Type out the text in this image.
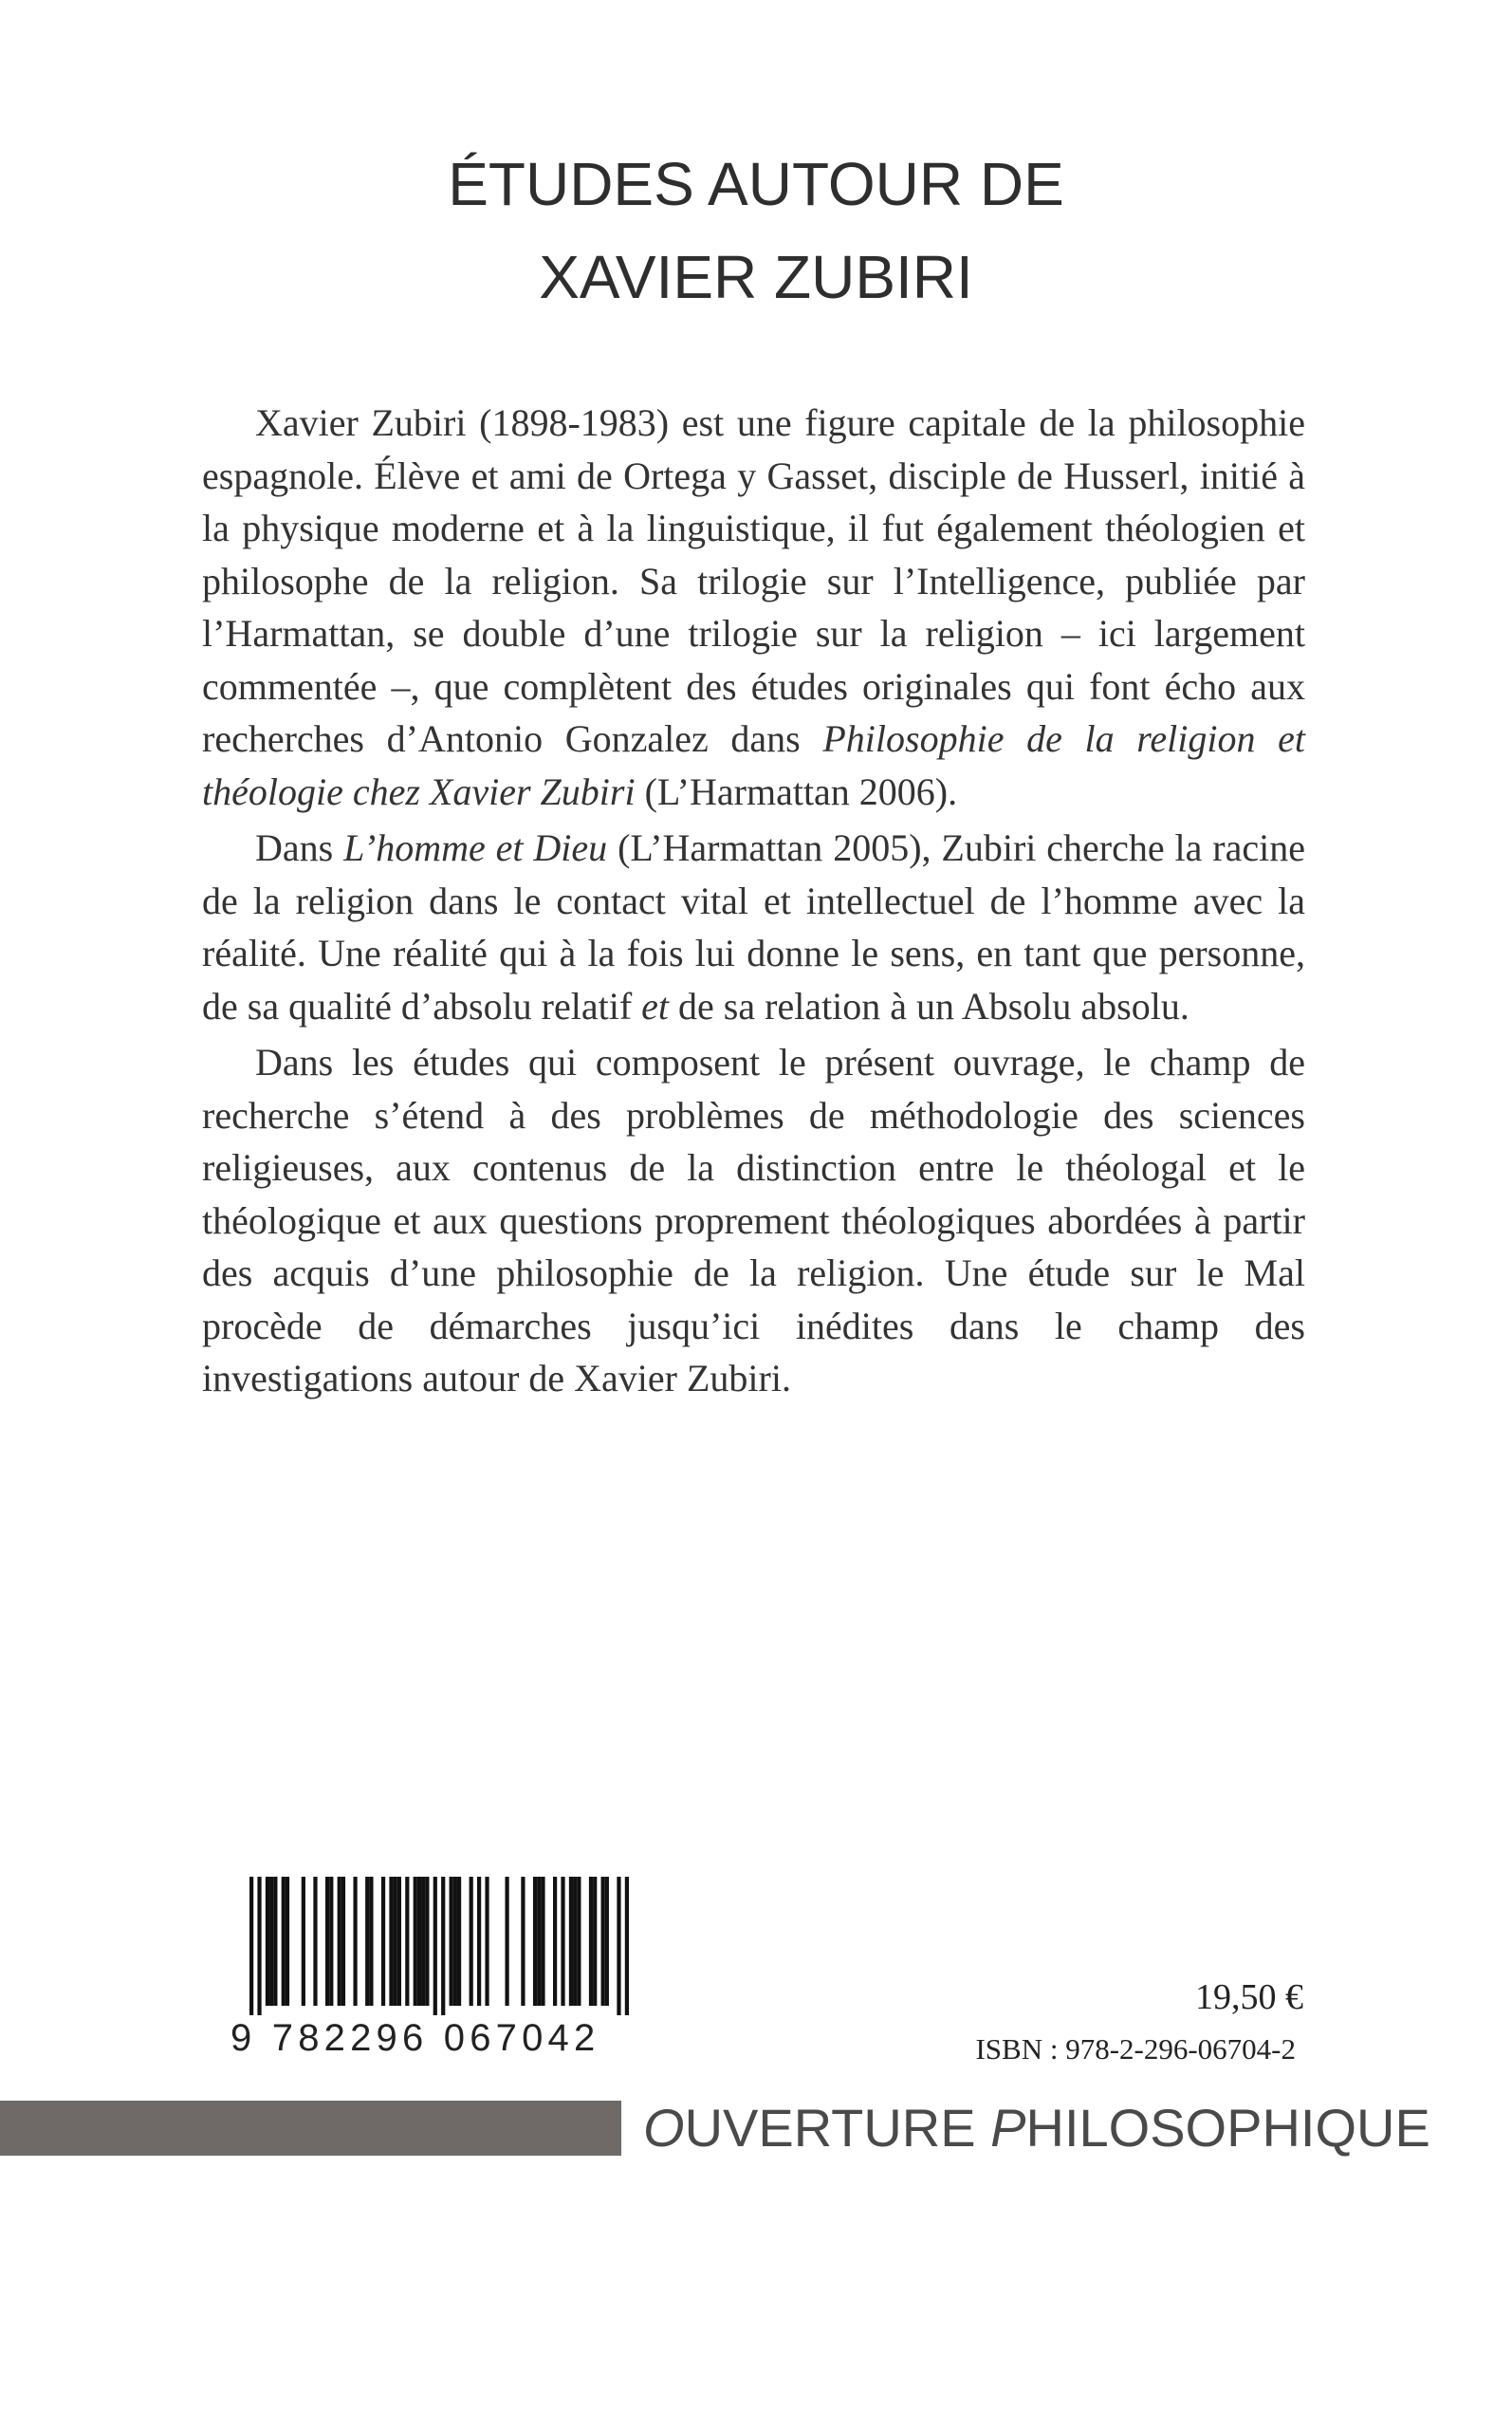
ÉTUDES AUTOUR DE
XAVIER ZUBIRI

Xavier Zubiri (1898-1983) est une figure capitale de la philosophie espagnole. Élève et ami de Ortega y Gasset, disciple de Husserl, initié à la physique moderne et à la linguistique, il fut également théologien et philosophe de la religion. Sa trilogie sur l’Intelligence, publiée par l’Harmattan, se double d’une trilogie sur la religion – ici largement commentée –, que complètent des études originales qui font écho aux recherches d’Antonio Gonzalez dans Philosophie de la religion et théologie chez Xavier Zubiri (L’Harmattan 2006).

Dans L’homme et Dieu (L’Harmattan 2005), Zubiri cherche la racine de la religion dans le contact vital et intellectuel de l’homme avec la réalité. Une réalité qui à la fois lui donne le sens, en tant que personne, de sa qualité d’absolu relatif et de sa relation à un Absolu absolu.

Dans les études qui composent le présent ouvrage, le champ de recherche s’étend à des problèmes de méthodologie des sciences religieuses, aux contenus de la distinction entre le théologal et le théologique et aux questions proprement théologiques abordées à partir des acquis d’une philosophie de la religion. Une étude sur le Mal procède de démarches jusqu’ici inédites dans le champ des investigations autour de Xavier Zubiri.

9 782296 067042
19,50 €
ISBN : 978-2-296-06704-2
OUVERTURE PHILOSOPHIQUE
